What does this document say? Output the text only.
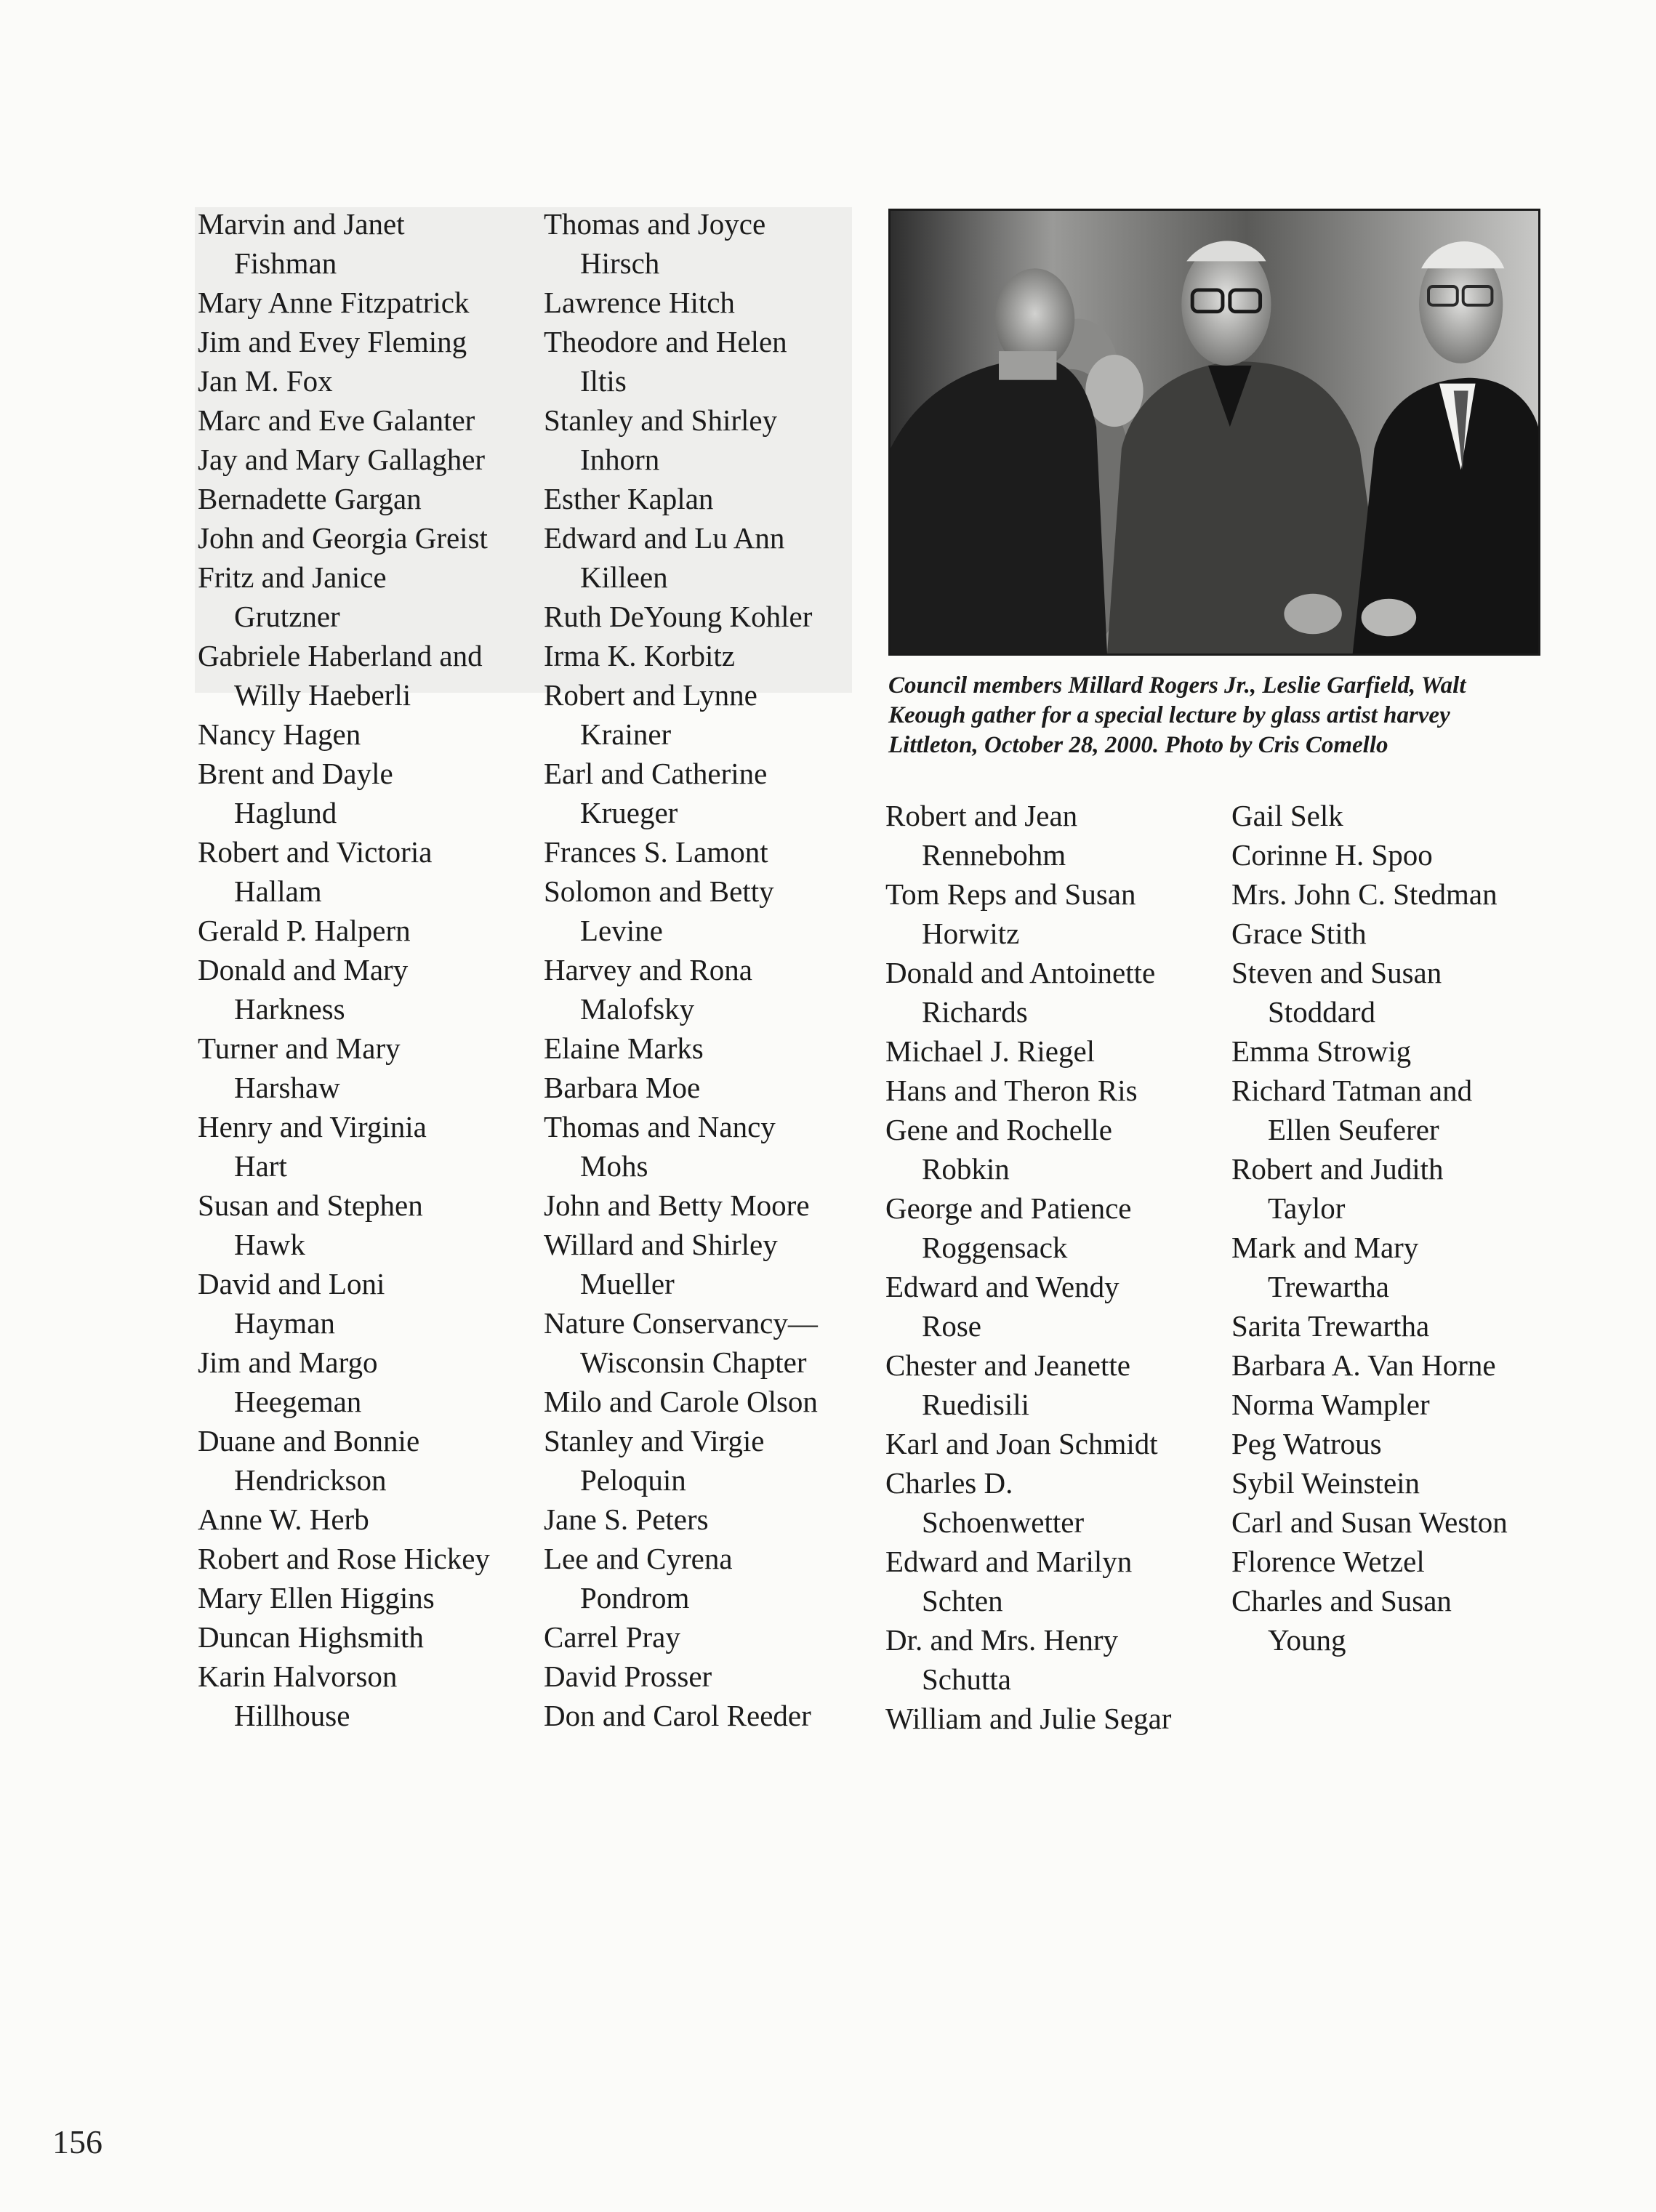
Marvin and Janet
Fishman
Mary Anne Fitzpatrick
Jim and Evey Fleming
Jan M. Fox
Marc and Eve Galanter
Jay and Mary Gallagher
Bernadette Gargan
John and Georgia Greist
Fritz and Janice
Grutzner
Gabriele Haberland and
Willy Haeberli
Nancy Hagen
Brent and Dayle
Haglund
Robert and Victoria
Hallam
Gerald P. Halpern
Donald and Mary
Harkness
Turner and Mary
Harshaw
Henry and Virginia
Hart
Susan and Stephen
Hawk
David and Loni
Hayman
Jim and Margo
Heegeman
Duane and Bonnie
Hendrickson
Anne W. Herb
Robert and Rose Hickey
Mary Ellen Higgins
Duncan Highsmith
Karin Halvorson
Hillhouse
Thomas and Joyce
Hirsch
Lawrence Hitch
Theodore and Helen
Iltis
Stanley and Shirley
Inhorn
Esther Kaplan
Edward and Lu Ann
Killeen
Ruth DeYoung Kohler
Irma K. Korbitz
Robert and Lynne
Krainer
Earl and Catherine
Krueger
Frances S. Lamont
Solomon and Betty
Levine
Harvey and Rona
Malofsky
Elaine Marks
Barbara Moe
Thomas and Nancy
Mohs
John and Betty Moore
Willard and Shirley
Mueller
Nature Conservancy—
Wisconsin Chapter
Milo and Carole Olson
Stanley and Virgie
Peloquin
Jane S. Peters
Lee and Cyrena
Pondrom
Carrel Pray
David Prosser
Don and Carol Reeder
Council members Millard Rogers Jr., Leslie Garfield, Walt Keough gather for a special lecture by glass artist harvey Littleton, October 28, 2000. Photo by Cris Comello
Robert and Jean
Rennebohm
Tom Reps and Susan
Horwitz
Donald and Antoinette
Richards
Michael J. Riegel
Hans and Theron Ris
Gene and Rochelle
Robkin
George and Patience
Roggensack
Edward and Wendy
Rose
Chester and Jeanette
Ruedisili
Karl and Joan Schmidt
Charles D.
Schoenwetter
Edward and Marilyn
Schten
Dr. and Mrs. Henry
Schutta
William and Julie Segar
Gail Selk
Corinne H. Spoo
Mrs. John C. Stedman
Grace Stith
Steven and Susan
Stoddard
Emma Strowig
Richard Tatman and
Ellen Seuferer
Robert and Judith
Taylor
Mark and Mary
Trewartha
Sarita Trewartha
Barbara A. Van Horne
Norma Wampler
Peg Watrous
Sybil Weinstein
Carl and Susan Weston
Florence Wetzel
Charles and Susan
Young
156
